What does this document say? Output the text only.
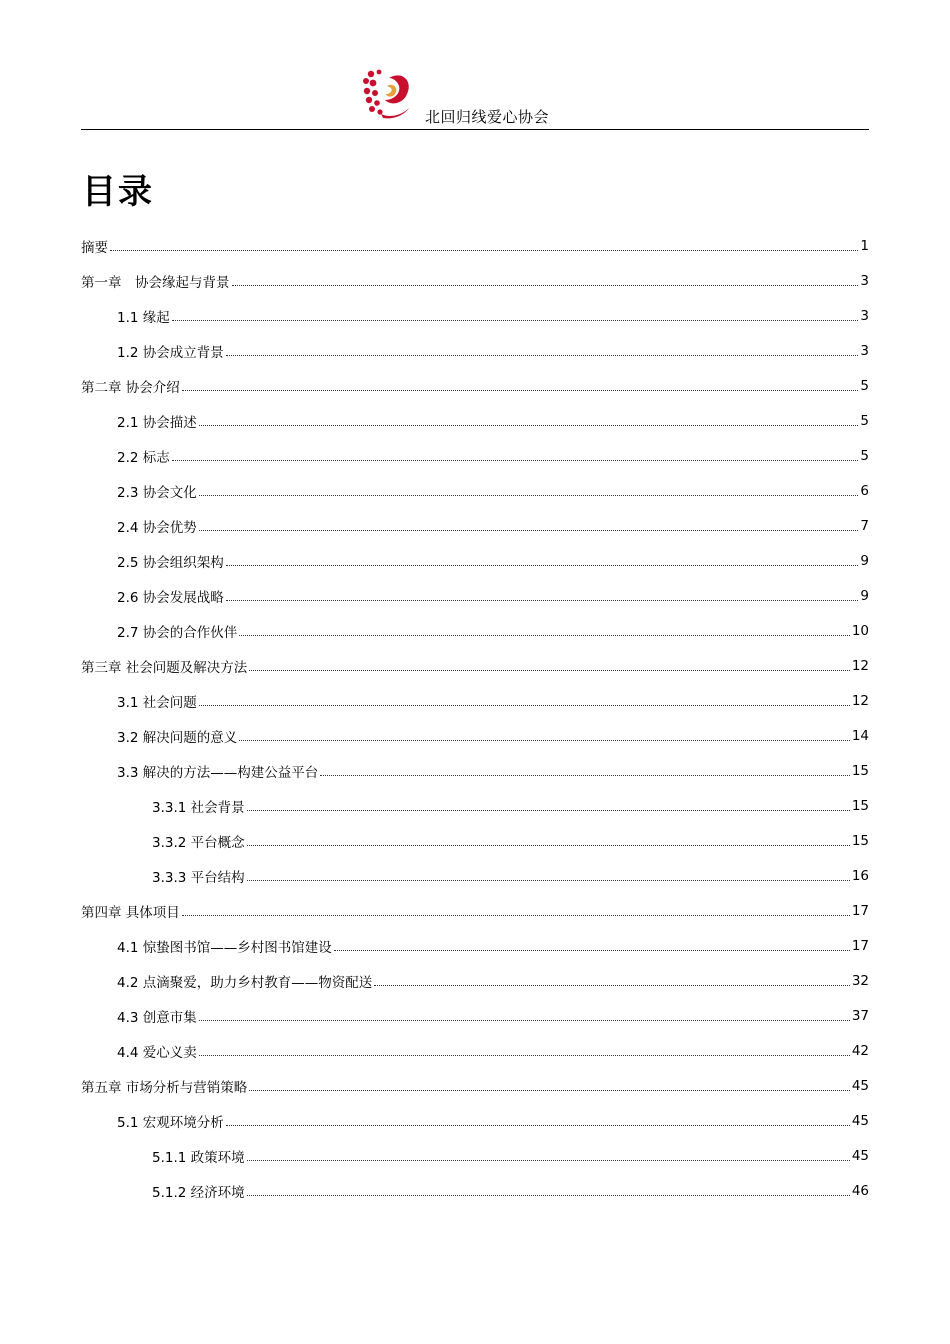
北回归线爱心协会
目录
摘要	1
第一章　协会缘起与背景	3
1.1 缘起	3
1.2 协会成立背景	3
第二章 协会介绍	5
2.1 协会描述	5
2.2 标志	5
2.3 协会文化	6
2.4 协会优势	7
2.5 协会组织架构	9
2.6 协会发展战略	9
2.7 协会的合作伙伴	10
第三章 社会问题及解决方法	12
3.1 社会问题	12
3.2 解决问题的意义	14
3.3 解决的方法——构建公益平台	15
3.3.1 社会背景	15
3.3.2 平台概念	15
3.3.3 平台结构	16
第四章 具体项目	17
4.1 惊蛰图书馆——乡村图书馆建设	17
4.2 点滴聚爱，助力乡村教育——物资配送	32
4.3 创意市集	37
4.4 爱心义卖	42
第五章 市场分析与营销策略	45
5.1 宏观环境分析	45
5.1.1 政策环境	45
5.1.2 经济环境	46
